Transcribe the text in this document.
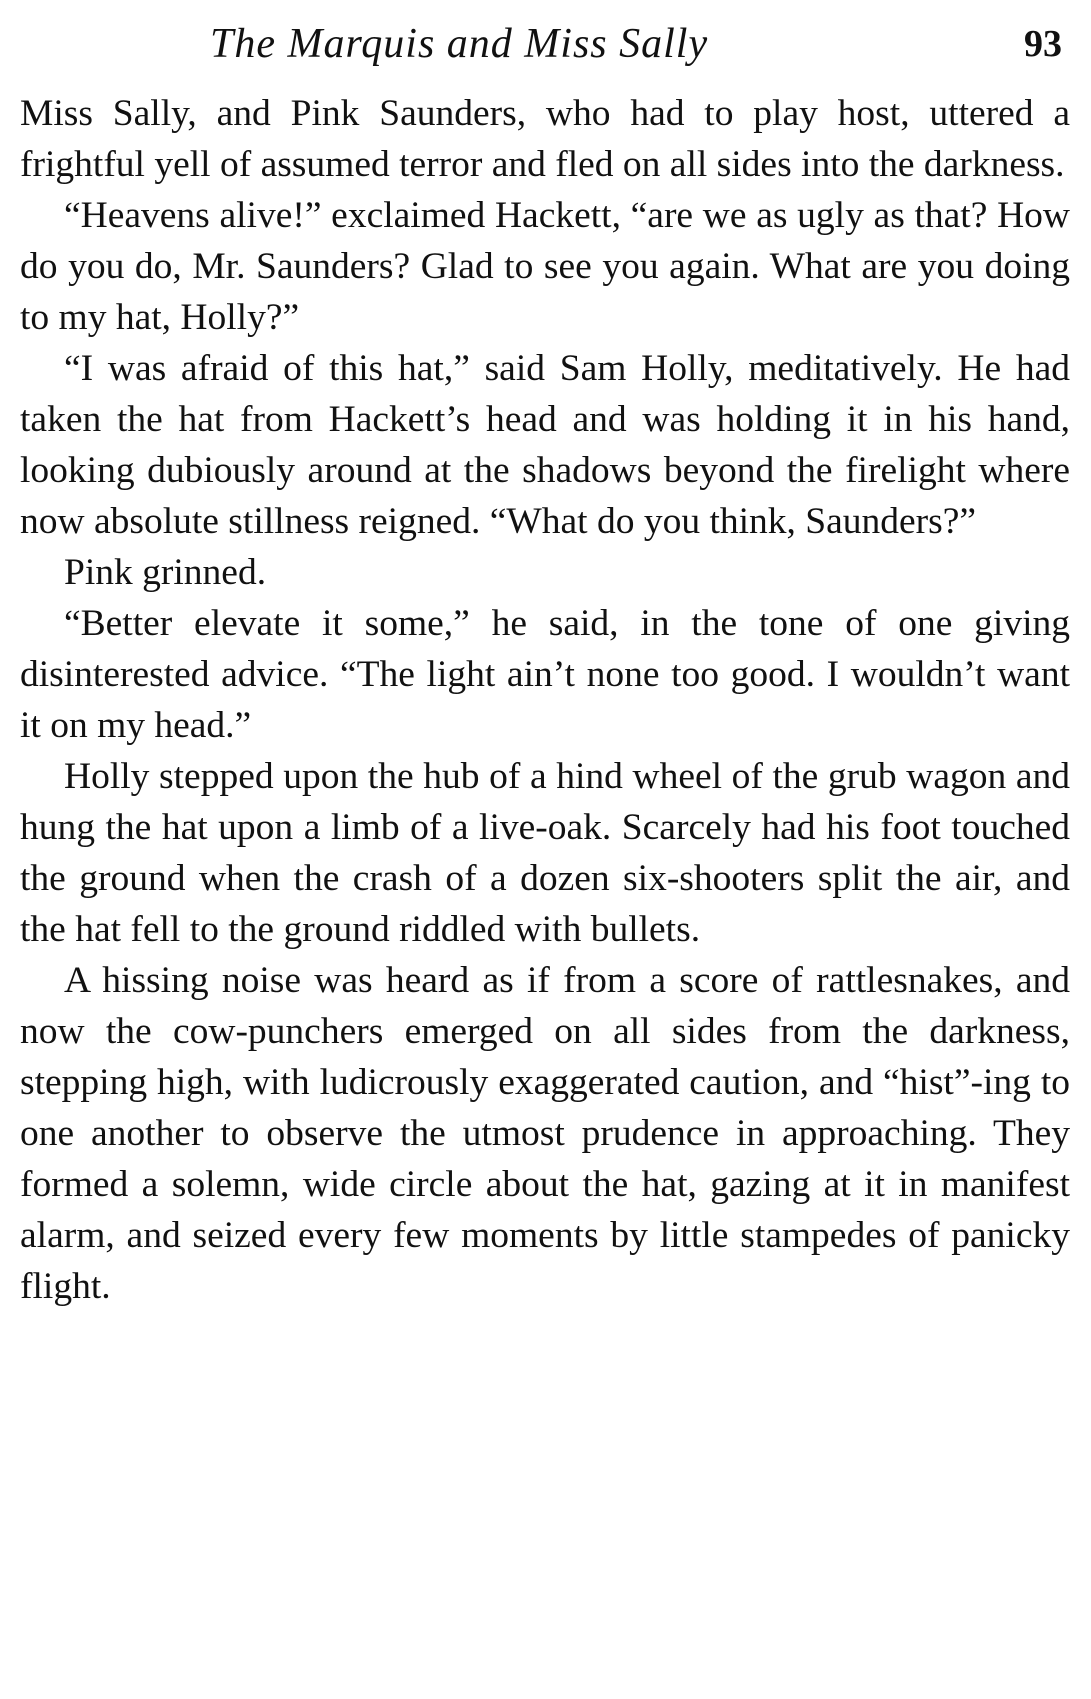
The Marquis and Miss Sally	93

Miss Sally, and Pink Saunders, who had to play host, uttered a frightful yell of assumed terror and fled on all sides into the darkness.

“Heavens alive!” exclaimed Hackett, “are we as ugly as that? How do you do, Mr. Saunders? Glad to see you again. What are you doing to my hat, Holly?”

“I was afraid of this hat,” said Sam Holly, meditatively. He had taken the hat from Hackett’s head and was holding it in his hand, looking dubiously around at the shadows beyond the firelight where now absolute stillness reigned. “What do you think, Saunders?”

Pink grinned.

“Better elevate it some,” he said, in the tone of one giving disinterested advice. “The light ain’t none too good. I wouldn’t want it on my head.”

Holly stepped upon the hub of a hind wheel of the grub wagon and hung the hat upon a limb of a live-oak. Scarcely had his foot touched the ground when the crash of a dozen six-shooters split the air, and the hat fell to the ground riddled with bullets.

A hissing noise was heard as if from a score of rattlesnakes, and now the cow-punchers emerged on all sides from the darkness, stepping high, with ludicrously exaggerated caution, and “hist”-ing to one another to observe the utmost prudence in approaching. They formed a solemn, wide circle about the hat, gazing at it in manifest alarm, and seized every few moments by little stampedes of panicky flight.
